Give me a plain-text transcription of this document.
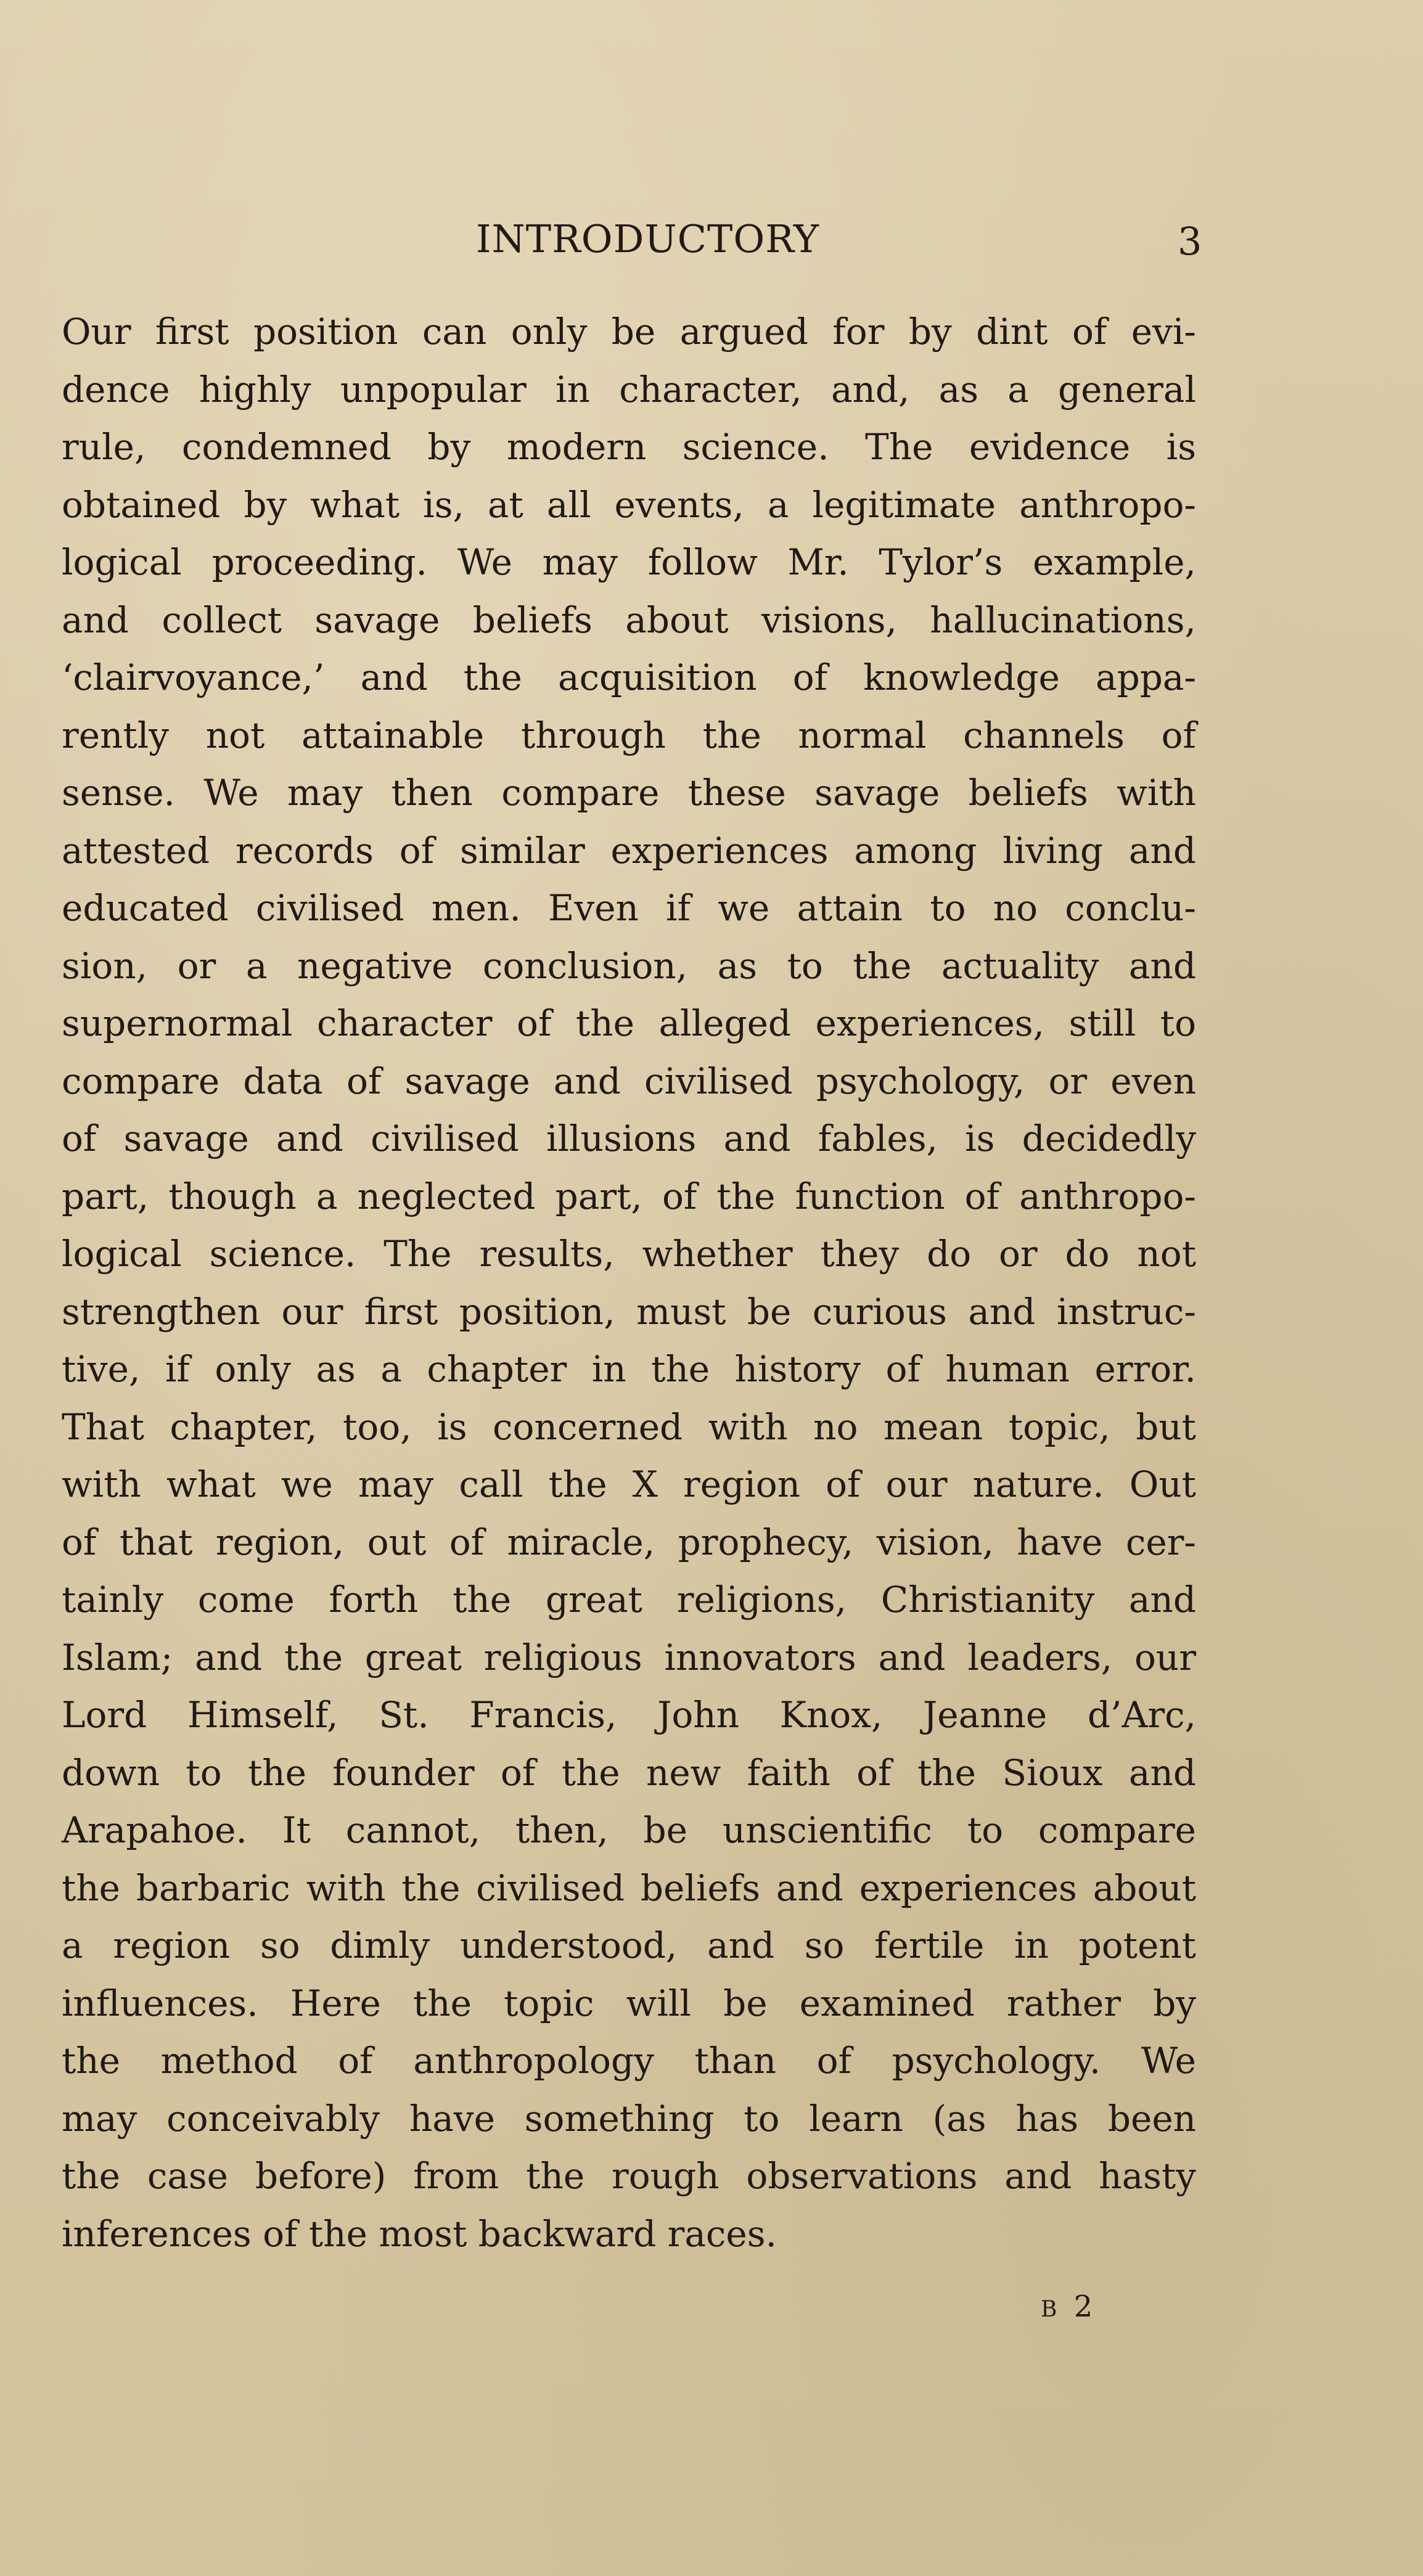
INTRODUCTORY	3
Our first position can only be argued for by dint of evi-
dence highly unpopular in character, and, as a general
rule, condemned by modern science. The evidence is
obtained by what is, at all events, a legitimate anthropo-
logical proceeding. We may follow Mr. Tylor’s example,
and collect savage beliefs about visions, hallucinations,
‘clairvoyance,’ and the acquisition of knowledge appa-
rently not attainable through the normal channels of
sense. We may then compare these savage beliefs with
attested records of similar experiences among living and
educated civilised men. Even if we attain to no conclu-
sion, or a negative conclusion, as to the actuality and
supernormal character of the alleged experiences, still to
compare data of savage and civilised psychology, or even
of savage and civilised illusions and fables, is decidedly
part, though a neglected part, of the function of anthropo-
logical science. The results, whether they do or do not
strengthen our first position, must be curious and instruc-
tive, if only as a chapter in the history of human error.
That chapter, too, is concerned with no mean topic, but
with what we may call the X region of our nature. Out
of that region, out of miracle, prophecy, vision, have cer-
tainly come forth the great religions, Christianity and
Islam; and the great religious innovators and leaders, our
Lord Himself, St. Francis, John Knox, Jeanne d’Arc,
down to the founder of the new faith of the Sioux and
Arapahoe. It cannot, then, be unscientific to compare
the barbaric with the civilised beliefs and experiences about
a region so dimly understood, and so fertile in potent
influences. Here the topic will be examined rather by
the method of anthropology than of psychology. We
may conceivably have something to learn (as has been
the case before) from the rough observations and hasty
inferences of the most backward races.
B 2
